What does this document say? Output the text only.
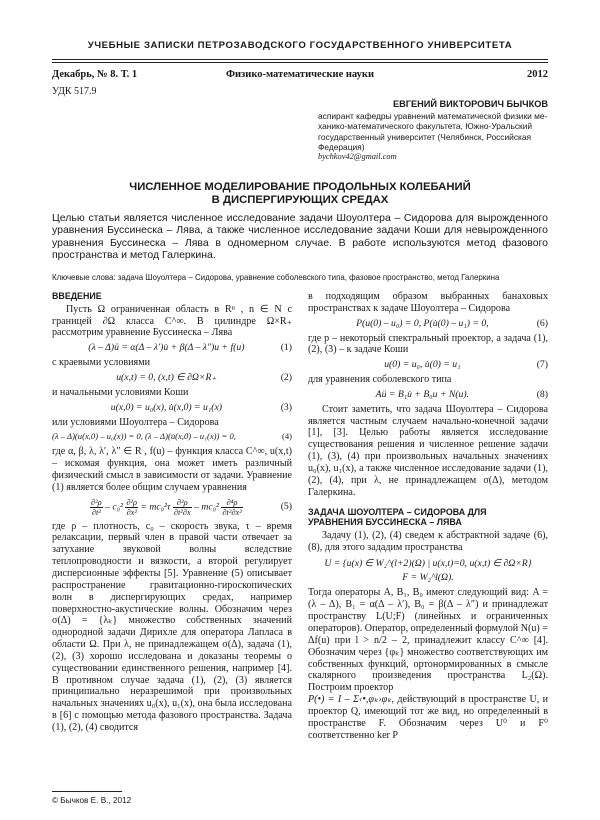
УЧЕБНЫЕ ЗАПИСКИ ПЕТРОЗАВОДСКОГО ГОСУДАРСТВЕННОГО УНИВЕРСИТЕТА
Декабрь, № 8. Т. 1	Физико-математические науки	2012
УДК 517.9
ЕВГЕНИЙ ВИКТОРОВИЧ БЫЧКОВ
аспирант кафедры уравнений математической физики ме-
ханико-математического факультета, Южно-Уральский
государственный университет (Челябинск, Российская
Федерация)
bychkov42@gmail.com
ЧИСЛЕННОЕ МОДЕЛИРОВАНИЕ ПРОДОЛЬНЫХ КОЛЕБАНИЙ
В ДИСПЕРГИРУЮЩИХ СРЕДАХ
Целью статьи является численное исследование задачи Шоуолтера – Сидорова для вырожденного уравнения Буссинеска – Лява, а также численное исследование задачи Коши для невырожденного уравнения Буссинеска – Лява в одномерном случае. В работе используются метод фазового пространства и метод Галеркина.
Ключевые слова: задача Шоуолтера – Сидорова, уравнение соболевского типа, фазовое пространство, метод Галеркина
ВВЕДЕНИЕ

Пусть Ω ограниченная область в Rⁿ , n ∈ N с границей ∂Ω класса C^∞. В цилиндре Ω×R₊ рассмотрим уравнение Буссинеска – Лява

(λ – Δ)ü = α(Δ – λ′)u̇ + β(Δ – λ″)u + f(u)	(1)

с краевыми условиями

u(x,t) = 0, (x,t) ∈ ∂Ω×R₊	(2)

и начальными условиями Коши

u(x,0) = u₀(x), u̇(x,0) = u₁(x)	(3)

или условиями Шоуолтера – Сидорова

(λ – Δ)(u(x,0) – u₀(x)) = 0, (λ – Δ)(u̇(x,0) – u₁(x)) = 0,	(4)

где α, β, λ, λ′, λ″ ∈ R , f(u) – функция класса C^∞, u(x,t) – искомая функция, она может иметь различный физический смысл в зависимости от задачи. Уравнение (1) является более общим случаем уравнения

$\frac{\text{∂²ρ}}{\text{∂t²}} - c_0^2 \frac{\text{∂²ρ}}{\text{∂x²}} = mc_0^2\tau \frac{\text{∂³ρ}}{\text{∂t²∂x}} - mc_0^2 \frac{\text{∂⁴ρ}}{\text{∂t²∂x²}}$	(5)

где ρ – плотность, c₀ – скорость звука, τ – время релаксации, первый член в правой части отвечает за затухание звуковой волны вследствие теплопроводности и вязкости, а второй регулирует дисперсионные эффекты [5]. Уравнение (5) описывает распространение гравитационно-гироскопических волн в диспергирующих средах, например поверхностно-акустические волны. Обозначим через σ(Δ) = {λₖ} множество собственных значений однородной задачи Дирихле для оператора Лапласа в области Ω. При λ, не принадлежащем σ(Δ), задача (1), (2), (3) хорошо исследована и доказаны теоремы о существовании единственного решения, например [4]. В противном случае задача (1), (2), (3) является принципиально неразрешимой при произвольных начальных значениях u₀(x), u₁(x), она была исследована в [6] с помощью метода фазового пространства. Задача (1), (2), (4) сводится

в подходящим образом выбранных банаховых пространствах к задаче Шоуолтера – Сидорова

P(u(0) – u₀) = 0, P(u̇(0) – u₁) = 0,	(6)

где p – некоторый спектральный проектор, а задача (1), (2), (3) – к задаче Коши

u(0) = u₀, u̇(0) = u₁	(7)

для уравнения соболевского типа

Aü = B₁u̇ + B₀u + N(u).	(8)

Стоит заметить, что задача Шоуолтера – Сидорова является частным случаем начально-конечной задачи [1], [3]. Целью работы является исследование существования решения и численное решение задачи (1), (3), (4) при произвольных начальных значениях u₀(x), u₁(x), а также численное исследование задачи (1), (2), (4), при λ, не принадлежащем σ(Δ), методом Галеркина.

ЗАДАЧА ШОУОЛТЕРА – СИДОРОВА ДЛЯ
УРАВНЕНИЯ БУССИНЕСКА – ЛЯВА

Задачу (1), (2), (4) сведем к абстрактной задаче (6), (8), для этого зададим пространства

U = {u(x) ∈ W₂^(l+2)(Ω) | u(x,t)=0, u(x,t) ∈ ∂Ω×R}
F = W₂^l(Ω).

Тогда операторы A, B₁, B₀ имеют следующий вид: A = (λ – Δ), B₁ = α(Δ – λ′), B₀ = β(Δ – λ″) и принадлежат пространству L(U;F) (линейных и ограниченных операторов). Оператор, определенный формулой N(u) = Δf(u) при l > n/2 – 2, принадлежит классу C^∞ [4]. Обозначим через {φₖ} множество соответствующих им собственных функций, ортонормированных в смысле скалярного произведения пространства L₂(Ω). Построим проектор

P(•) = I – Σ‹•,φₖ›φₖ, действующий в пространстве U, и проектор Q, имеющий тот же вид, но определенный в пространстве F. Обозначим через U⁰ и F⁰ соответственно ker P

© Бычков Е. В., 2012
